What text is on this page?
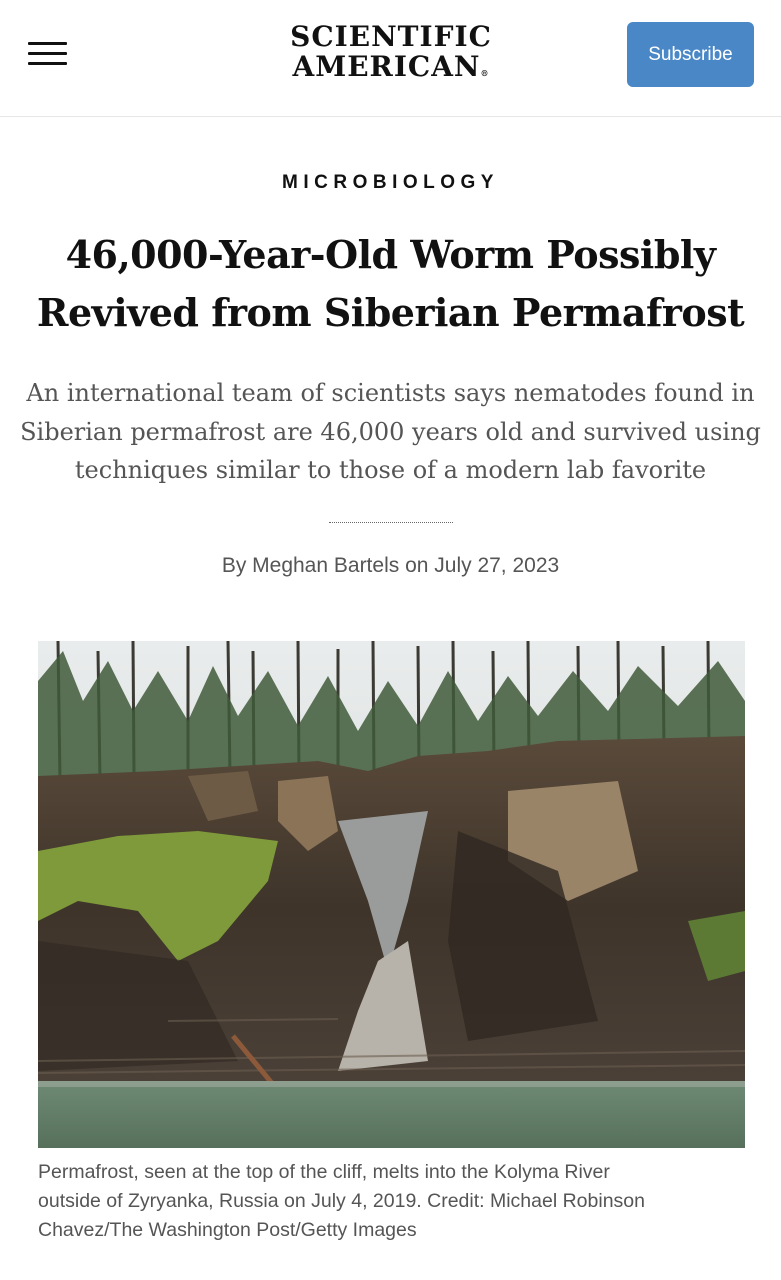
SCIENTIFIC
AMERICAN®
Subscribe
MICROBIOLOGY
46,000-Year-Old Worm Possibly
Revived from Siberian Permafrost

An international team of scientists says nematodes found in Siberian permafrost are 46,000 years old and survived using techniques similar to those of a modern lab favorite

By Meghan Bartels on July 27, 2023
Permafrost, seen at the top of the cliff, melts into the Kolyma River
outside of Zyryanka, Russia on July 4, 2019. Credit: Michael Robinson
Chavez/The Washington Post/Getty Images
